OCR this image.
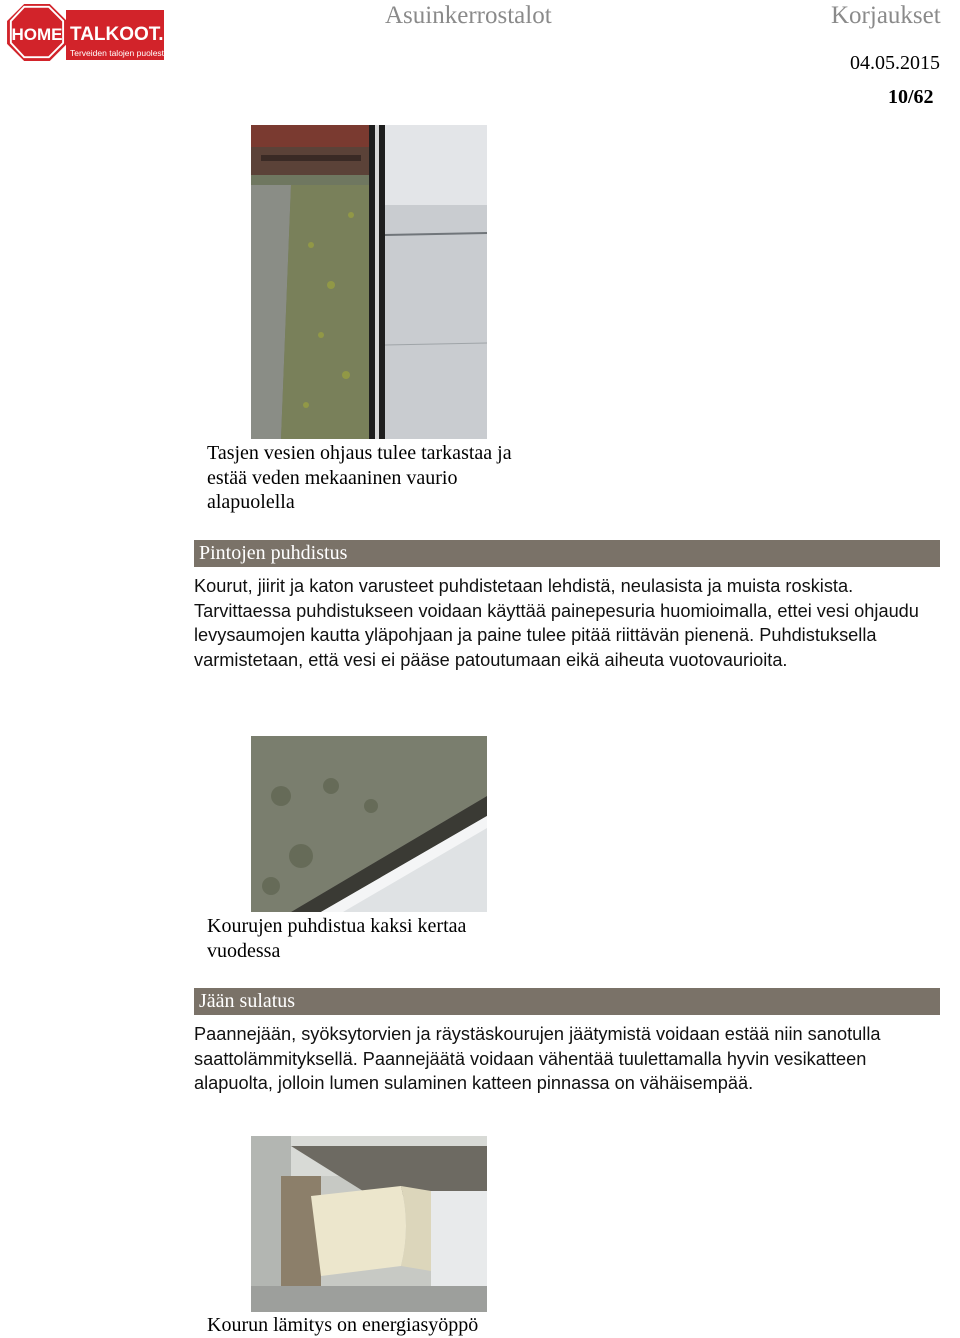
HOME TALKOOT.FI
Terveiden talojen puolesta
Asuinkerrostalot	Korjaukset
04.05.2015
10/62
Tasjen vesien ohjaus tulee tarkastaa ja estää veden mekaaninen vaurio alapuolella
Pintojen puhdistus
Kourut, jiirit ja katon varusteet puhdistetaan lehdistä, neulasista ja muista roskista. Tarvittaessa puhdistukseen voidaan käyttää painepesuria huomioimalla, ettei vesi ohjaudu levysaumojen kautta yläpohjaan ja paine tulee pitää riittävän pienenä. Puhdistuksella varmistetaan, että vesi ei pääse patoutumaan eikä aiheuta vuotovaurioita.
Kourujen puhdistua kaksi kertaa vuodessa
Jään sulatus
Paannejään, syöksytorvien ja räystäskourujen jäätymistä voidaan estää niin sanotulla saattolämmityksellä. Paannejäätä voidaan vähentää tuulettamalla hyvin vesikatteen alapuolta, jolloin lumen sulaminen katteen pinnassa on vähäisempää.
Kourun lämitys on energiasyöppö
